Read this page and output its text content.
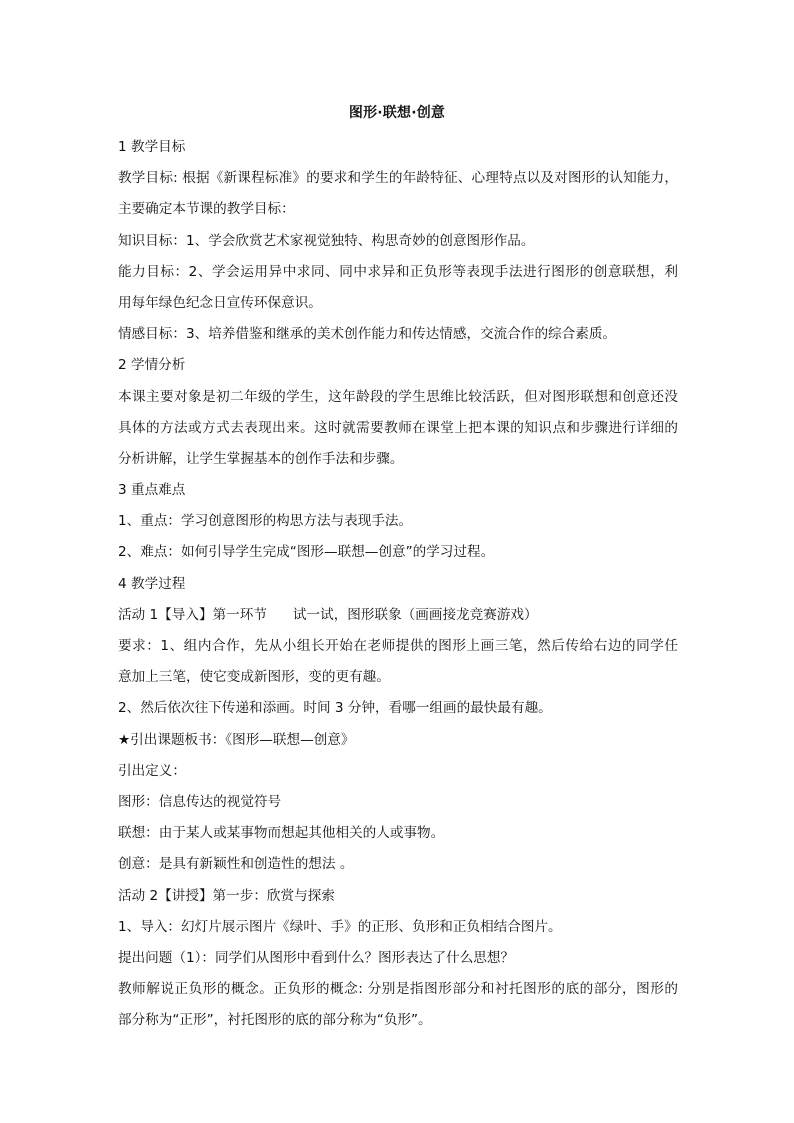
图形·联想·创意
1 教学目标
教学目标: 根据《新课程标准》的要求和学生的年龄特征、心理特点以及对图形的认知能力，
主要确定本节课的教学目标：
知识目标：1、学会欣赏艺术家视觉独特、构思奇妙的创意图形作品。
能力目标：2、学会运用异中求同、同中求异和正负形等表现手法进行图形的创意联想，利
用每年绿色纪念日宣传环保意识。
情感目标：3、培养借鉴和继承的美术创作能力和传达情感，交流合作的综合素质。
2 学情分析
本课主要对象是初二年级的学生，这年龄段的学生思维比较活跃，但对图形联想和创意还没
具体的方法或方式去表现出来。这时就需要教师在课堂上把本课的知识点和步骤进行详细的
分析讲解，让学生掌握基本的创作手法和步骤。
3 重点难点
1、重点：学习创意图形的构思方法与表现手法。
2、难点：如何引导学生完成“图形—联想—创意”的学习过程。
4 教学过程
活动 1【导入】第一环节 试一试，图形联象（画画接龙竞赛游戏）
要求：1、组内合作，先从小组长开始在老师提供的图形上画三笔，然后传给右边的同学任
意加上三笔，使它变成新图形，变的更有趣。
2、然后依次往下传递和添画。时间 3 分钟，看哪一组画的最快最有趣。
★引出课题板书：《图形—联想—创意》
引出定义：
图形：信息传达的视觉符号
联想：由于某人或某事物而想起其他相关的人或事物。
创意：是具有新颖性和创造性的想法 。
活动 2【讲授】第一步：欣赏与探索
1、导入：幻灯片展示图片《绿叶、手》的正形、负形和正负相结合图片。
提出问题（1）：同学们从图形中看到什么？图形表达了什么思想？
教师解说正负形的概念。正负形的概念: 分别是指图形部分和衬托图形的底的部分，图形的
部分称为“正形”，衬托图形的底的部分称为“负形”。
